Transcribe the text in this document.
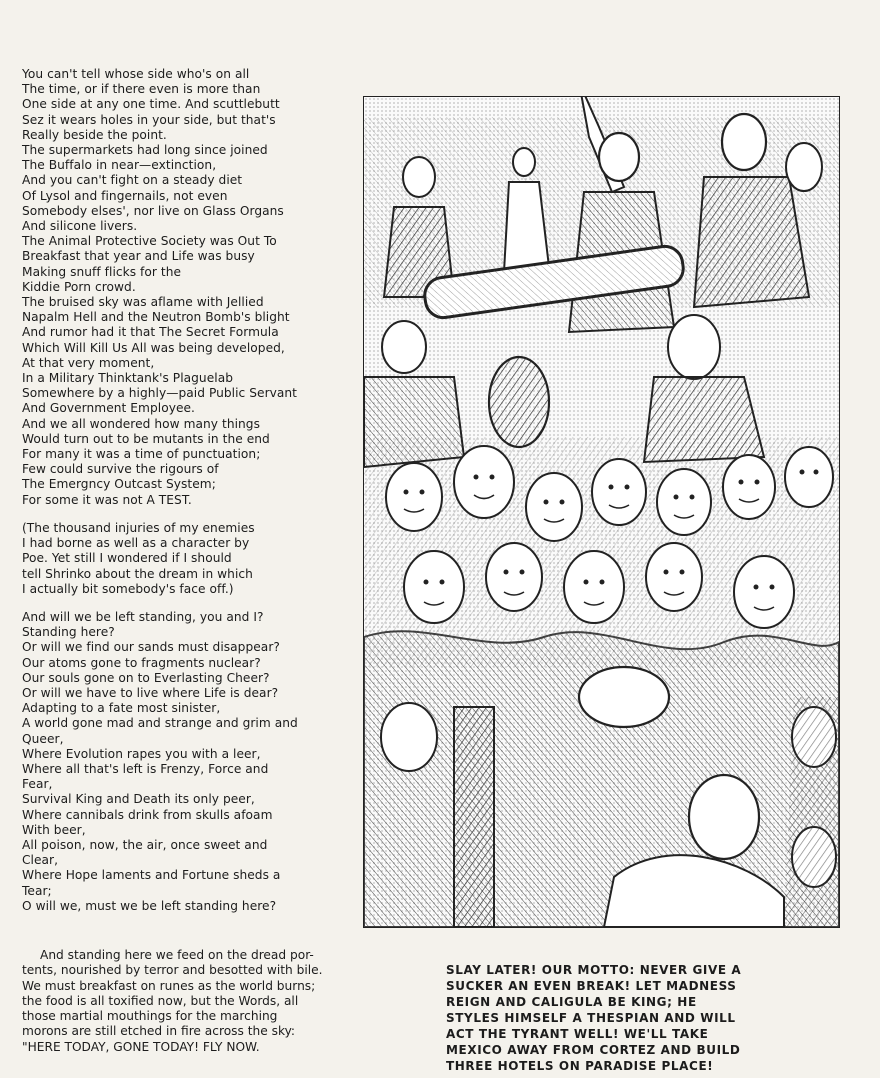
You can't tell whose side who's on all
The time, or if there even is more than
One side at any one time. And scuttlebutt
Sez it wears holes in your side, but that's
Really beside the point.
The supermarkets had long since joined
The Buffalo in near—extinction,
And you can't fight on a steady diet
Of Lysol and fingernails, not even
Somebody elses', nor live on Glass Organs
And silicone livers.
The Animal Protective Society was Out To
Breakfast that year and Life was busy
Making snuff flicks for the
Kiddie Porn crowd.
The bruised sky was aflame with Jellied
Napalm Hell and the Neutron Bomb's blight
And rumor had it that The Secret Formula
Which Will Kill Us All was being developed,
At that very moment,
In a Military Thinktank's Plaguelab
Somewhere by a highly—paid Public Servant
And Government Employee.
And we all wondered how many things
Would turn out to be mutants in the end
For many it was a time of punctuation;
Few could survive the rigours of
The Emergncy Outcast System;
For some it was not A TEST.
(The thousand injuries of my enemies
I had borne as well as a character by
Poe. Yet still I wondered if I should
tell Shrinko about the dream in which
I actually bit somebody's face off.)
And will we be left standing, you and I?
Standing here?
Or will we find our sands must disappear?
Our atoms gone to fragments nuclear?
Our souls gone on to Everlasting Cheer?
Or will we have to live where Life is dear?
Adapting to a fate most sinister,
A world gone mad and strange and grim and
Queer,
Where Evolution rapes you with a leer,
Where all that's left is Frenzy, Force and
Fear,
Survival King and Death its only peer,
Where cannibals drink from skulls afoam
With beer,
All poison, now, the air, once sweet and
Clear,
Where Hope laments and Fortune sheds a
Tear;
O will we, must we be left standing here?
And standing here we feed on the dread por-
tents, nourished by terror and besotted with bile.
We must breakfast on runes as the world burns;
the food is all toxified now, but the Words, all
those martial mouthings for the marching
morons are still etched in fire across the sky:
"HERE TODAY, GONE TODAY! FLY NOW.
SLAY LATER! OUR MOTTO: NEVER GIVE A
SUCKER AN EVEN BREAK! LET MADNESS
REIGN AND CALIGULA BE KING; HE
STYLES HIMSELF A THESPIAN AND WILL
ACT THE TYRANT WELL! WE'LL TAKE
MEXICO AWAY FROM CORTEZ AND BUILD
THREE HOTELS ON PARADISE PLACE!
